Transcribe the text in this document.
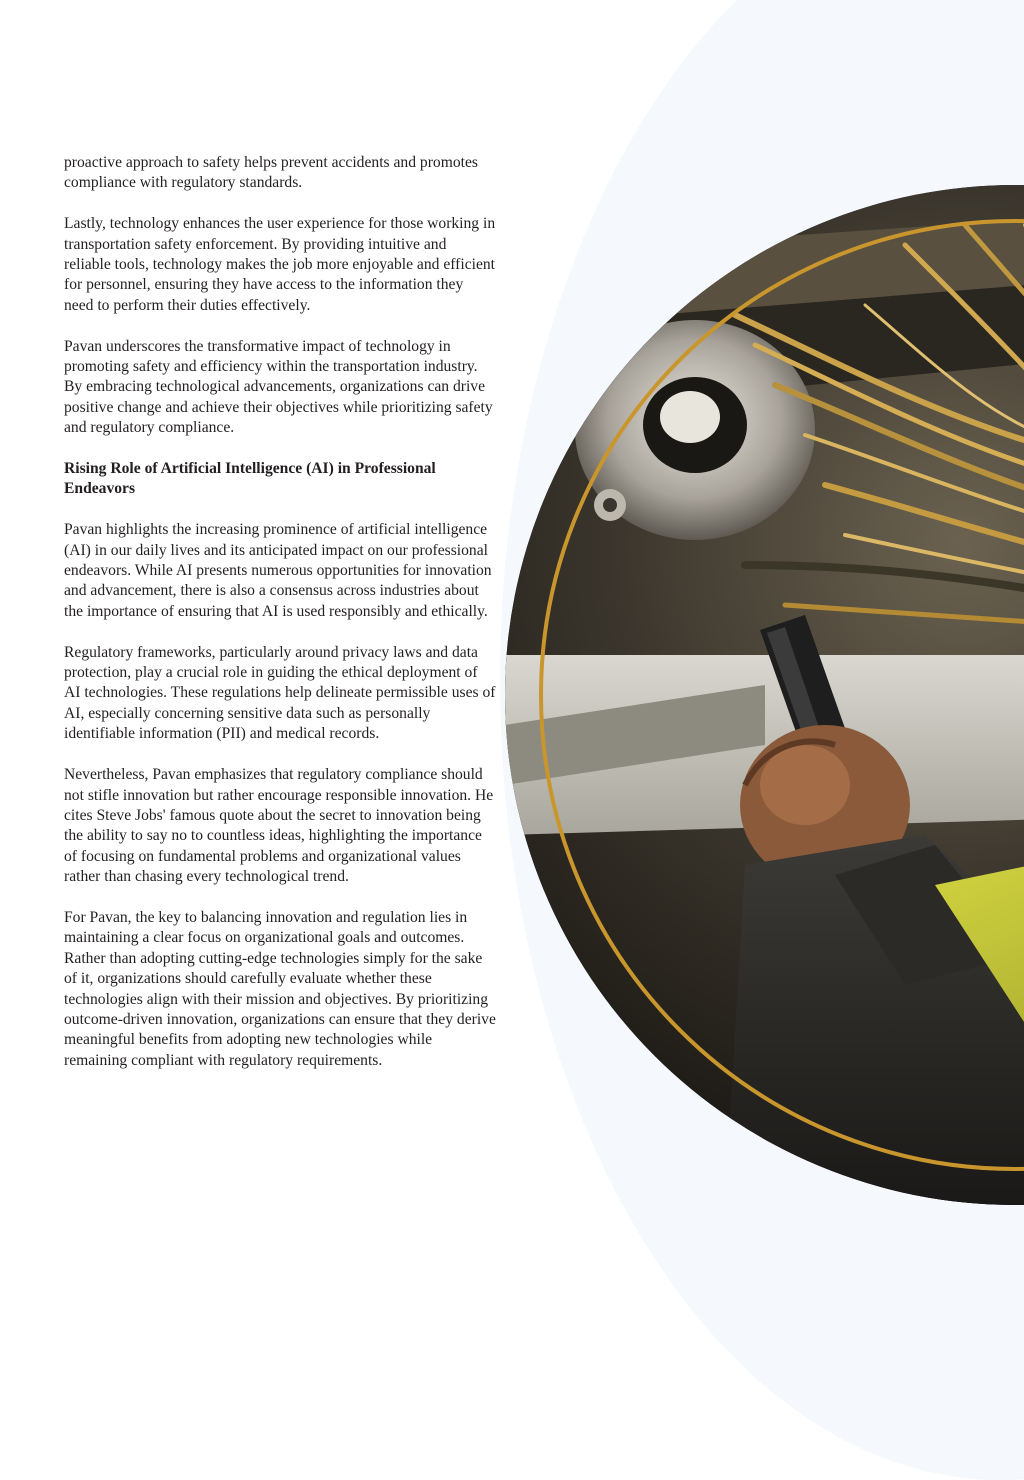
proactive approach to safety helps prevent accidents and promotes compliance with regulatory standards.

Lastly, technology enhances the user experience for those working in transportation safety enforcement. By providing intuitive and reliable tools, technology makes the job more enjoyable and efficient for personnel, ensuring they have access to the information they need to perform their duties effectively.

Pavan underscores the transformative impact of technology in promoting safety and efficiency within the transportation industry. By embracing technological advancements, organizations can drive positive change and achieve their objectives while prioritizing safety and regulatory compliance.

Rising Role of Artificial Intelligence (AI) in Professional Endeavors

Pavan highlights the increasing prominence of artificial intelligence (AI) in our daily lives and its anticipated impact on our professional endeavors. While AI presents numerous opportunities for innovation and advancement, there is also a consensus across industries about the importance of ensuring that AI is used responsibly and ethically.

Regulatory frameworks, particularly around privacy laws and data protection, play a crucial role in guiding the ethical deployment of AI technologies. These regulations help delineate permissible uses of AI, especially concerning sensitive data such as personally identifiable information (PII) and medical records.

Nevertheless, Pavan emphasizes that regulatory compliance should not stifle innovation but rather encourage responsible innovation. He cites Steve Jobs' famous quote about the secret to innovation being the ability to say no to countless ideas, highlighting the importance of focusing on fundamental problems and organizational values rather than chasing every technological trend.

For Pavan, the key to balancing innovation and regulation lies in maintaining a clear focus on organizational goals and outcomes. Rather than adopting cutting-edge technologies simply for the sake of it, organizations should carefully evaluate whether these technologies align with their mission and objectives. By prioritizing outcome-driven innovation, organizations can ensure that they derive meaningful benefits from adopting new technologies while remaining compliant with regulatory requirements.
